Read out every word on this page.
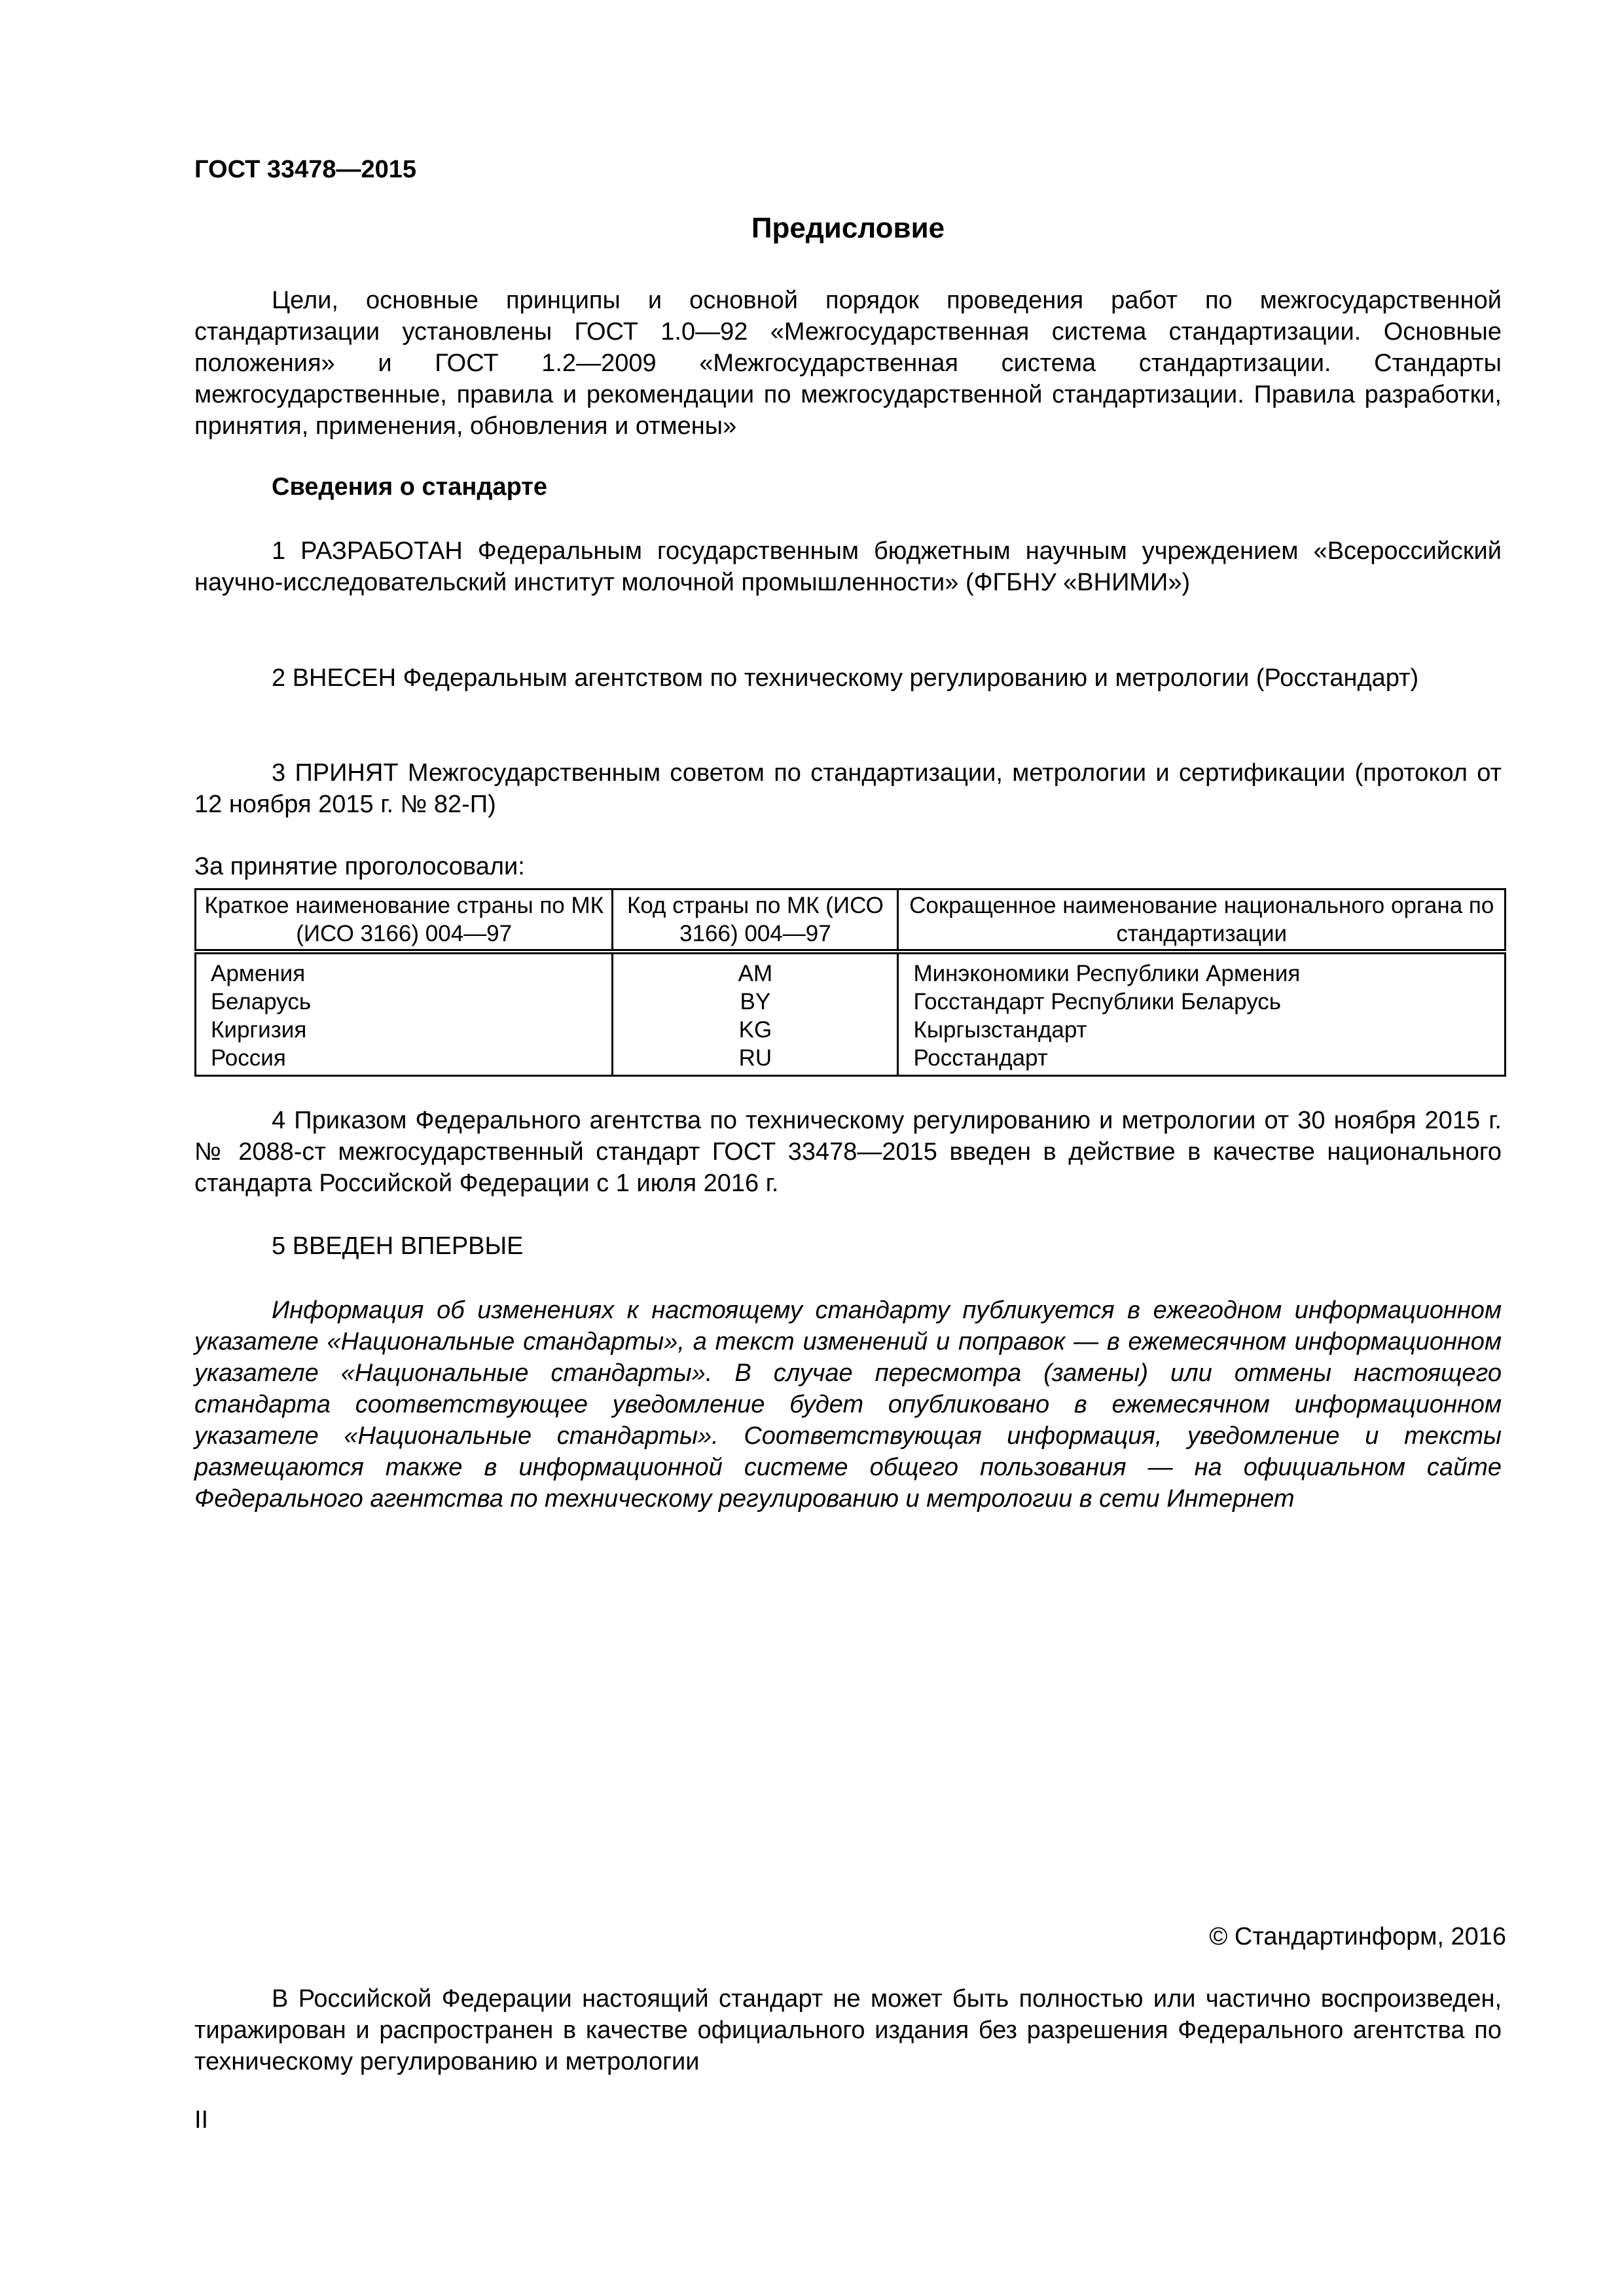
ГОСТ 33478—2015
Предисловие
Цели, основные принципы и основной порядок проведения работ по межгосударственной стандартизации установлены ГОСТ 1.0—92 «Межгосударственная система стандартизации. Основные положения» и ГОСТ 1.2—2009 «Межгосударственная система стандартизации. Стандарты межгосударственные, правила и рекомендации по межгосударственной стандартизации. Правила разработки, принятия, применения, обновления и отмены»
Сведения о стандарте
1 РАЗРАБОТАН Федеральным государственным бюджетным научным учреждением «Всероссийский научно-исследовательский институт молочной промышленности» (ФГБНУ «ВНИМИ»)
2 ВНЕСЕН Федеральным агентством по техническому регулированию и метрологии (Росстандарт)
3 ПРИНЯТ Межгосударственным советом по стандартизации, метрологии и сертификации (протокол от 12 ноября 2015 г. № 82-П)
За принятие проголосовали:
Краткое наименование страны по МК (ИСО 3166) 004—97	Код страны по МК (ИСО 3166) 004—97	Сокращенное наименование национального органа по стандартизации
Армения	AM	Минэкономики Республики Армения
Беларусь	BY	Госстандарт Республики Беларусь
Киргизия	KG	Кыргызстандарт
Россия	RU	Росстандарт
4 Приказом Федерального агентства по техническому регулированию и метрологии от 30 ноября 2015 г. № 2088-ст межгосударственный стандарт ГОСТ 33478—2015 введен в действие в качестве национального стандарта Российской Федерации с 1 июля 2016 г.
5 ВВЕДЕН ВПЕРВЫЕ
Информация об изменениях к настоящему стандарту публикуется в ежегодном информационном указателе «Национальные стандарты», а текст изменений и поправок — в ежемесячном информационном указателе «Национальные стандарты». В случае пересмотра (замены) или отмены настоящего стандарта соответствующее уведомление будет опубликовано в ежемесячном информационном указателе «Национальные стандарты». Соответствующая информация, уведомление и тексты размещаются также в информационной системе общего пользования — на официальном сайте Федерального агентства по техническому регулированию и метрологии в сети Интернет
© Стандартинформ, 2016
В Российской Федерации настоящий стандарт не может быть полностью или частично воспроизведен, тиражирован и распространен в качестве официального издания без разрешения Федерального агентства по техническому регулированию и метрологии
II
